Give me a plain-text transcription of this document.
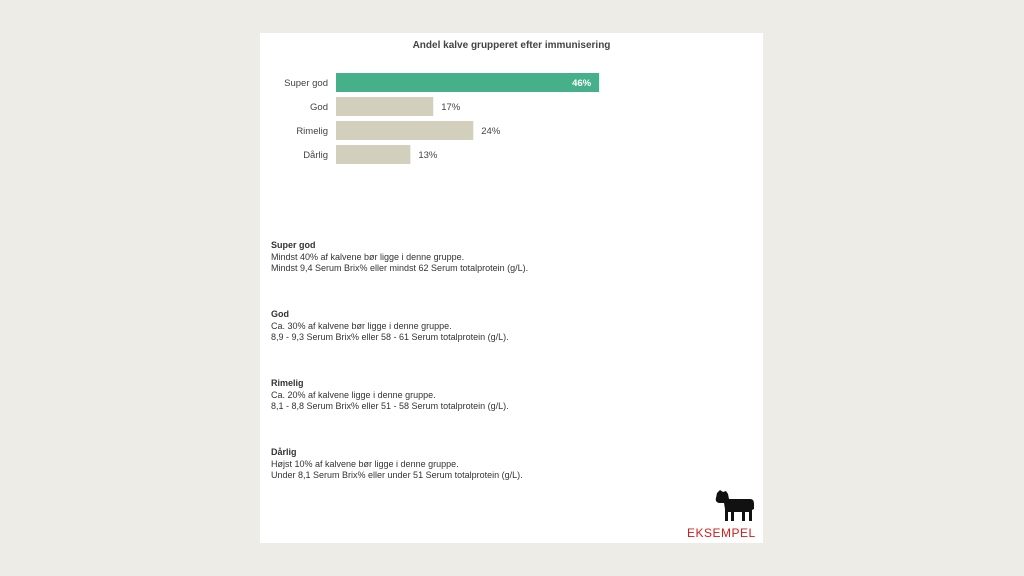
Andel kalve grupperet efter immunisering
Super god	46%
God	17%
Rimelig	24%
Dårlig	13%
Super god
Mindst 40% af kalvene bør ligge i denne gruppe.
Mindst 9,4 Serum Brix% eller mindst 62 Serum totalprotein (g/L).
God
Ca. 30% af kalvene bør ligge i denne gruppe.
8,9 - 9,3 Serum Brix% eller 58 - 61 Serum totalprotein (g/L).
Rimelig
Ca. 20% af kalvene ligge i denne gruppe.
8,1 - 8,8 Serum Brix% eller 51 - 58 Serum totalprotein (g/L).
Dårlig
Højst 10% af kalvene bør ligge i denne gruppe.
Under 8,1 Serum Brix% eller under 51 Serum totalprotein (g/L).
EKSEMPEL
